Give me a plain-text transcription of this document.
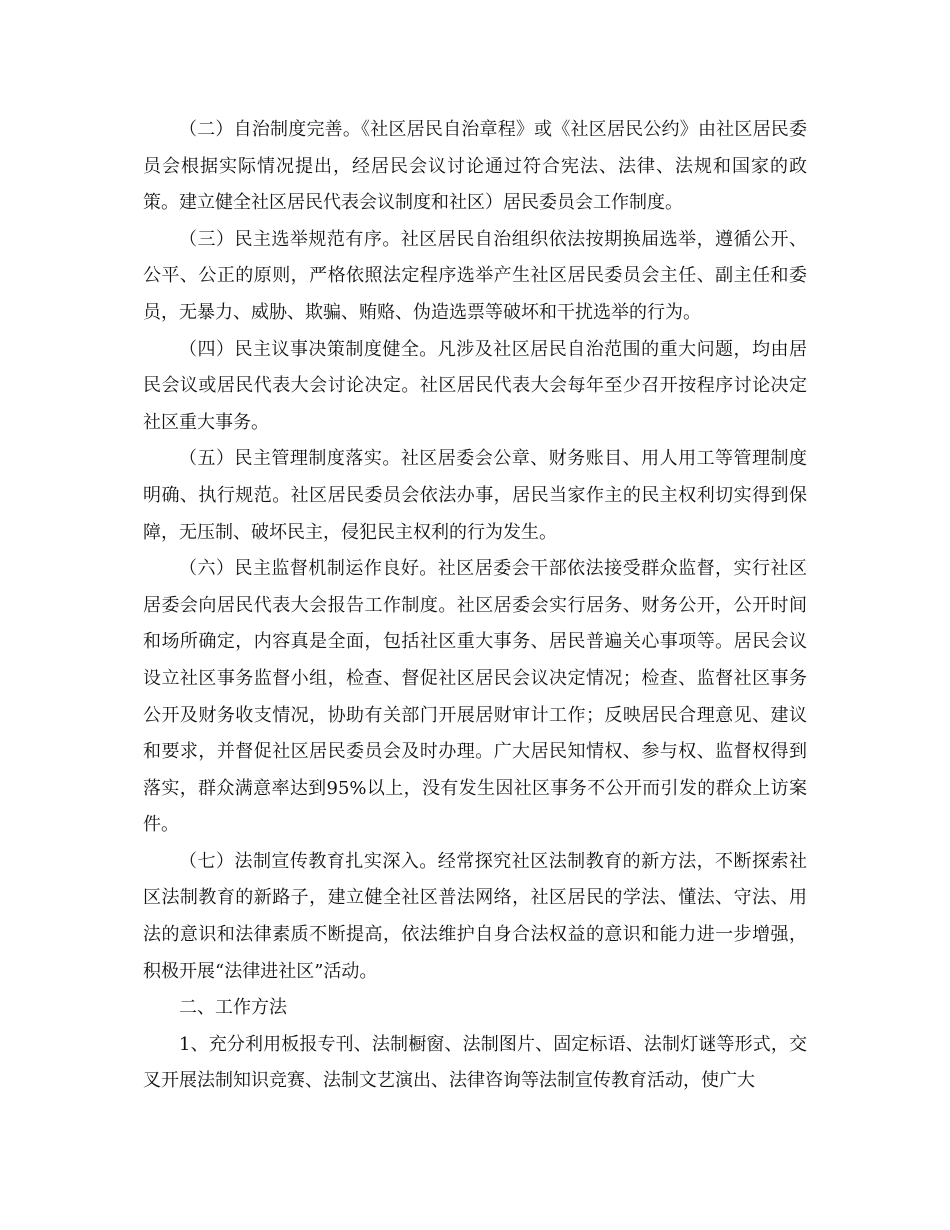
（二）自治制度完善。《社区居民自治章程》或《社区居民公约》由社区居民委员会根据实际情况提出，经居民会议讨论通过符合宪法、法律、法规和国家的政策。建立健全社区居民代表会议制度和社区）居民委员会工作制度。

（三）民主选举规范有序。社区居民自治组织依法按期换届选举，遵循公开、公平、公正的原则，严格依照法定程序选举产生社区居民委员会主任、副主任和委员，无暴力、威胁、欺骗、贿赂、伪造选票等破坏和干扰选举的行为。

（四）民主议事决策制度健全。凡涉及社区居民自治范围的重大问题，均由居民会议或居民代表大会讨论决定。社区居民代表大会每年至少召开按程序讨论决定社区重大事务。

（五）民主管理制度落实。社区居委会公章、财务账目、用人用工等管理制度明确、执行规范。社区居民委员会依法办事，居民当家作主的民主权利切实得到保障，无压制、破坏民主，侵犯民主权利的行为发生。

（六）民主监督机制运作良好。社区居委会干部依法接受群众监督，实行社区居委会向居民代表大会报告工作制度。社区居委会实行居务、财务公开，公开时间和场所确定，内容真是全面，包括社区重大事务、居民普遍关心事项等。居民会议设立社区事务监督小组，检查、督促社区居民会议决定情况；检查、监督社区事务公开及财务收支情况，协助有关部门开展居财审计工作；反映居民合理意见、建议和要求，并督促社区居民委员会及时办理。广大居民知情权、参与权、监督权得到落实，群众满意率达到95%以上，没有发生因社区事务不公开而引发的群众上访案件。

（七）法制宣传教育扎实深入。经常探究社区法制教育的新方法，不断探索社区法制教育的新路子，建立健全社区普法网络，社区居民的学法、懂法、守法、用法的意识和法律素质不断提高，依法维护自身合法权益的意识和能力进一步增强，积极开展“法律进社区”活动。

二、工作方法

1、充分利用板报专刊、法制橱窗、法制图片、固定标语、法制灯谜等形式，交叉开展法制知识竞赛、法制文艺演出、法律咨询等法制宣传教育活动，使广大
